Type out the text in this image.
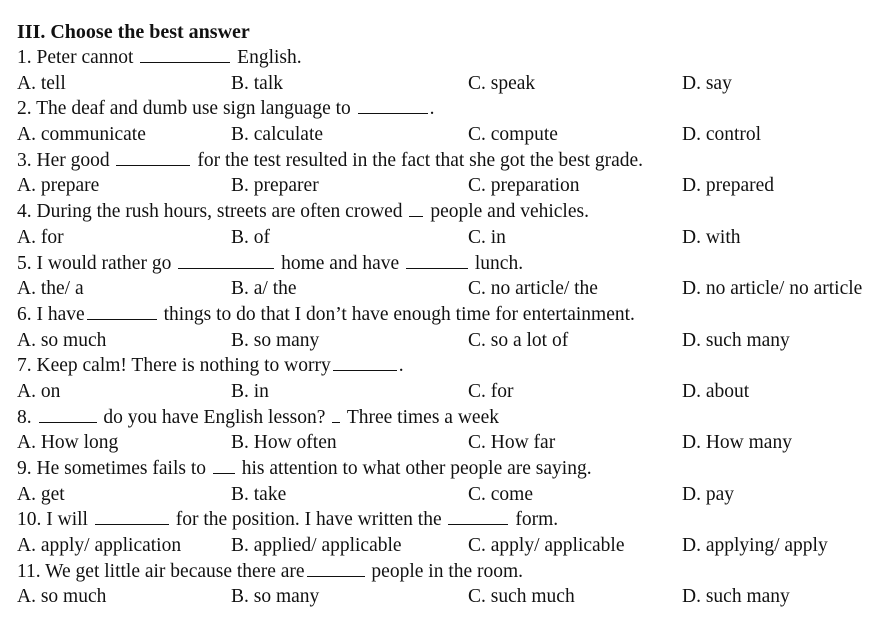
III. Choose the best answer
1. Peter cannot	English.
A. tell	B. talk	C. speak	D. say
2. The deaf and dumb use sign language to	.
A. communicate	B. calculate	C. compute	D. control
3. Her good	for the test resulted in the fact that she got the best grade.
A. prepare	B. preparer	C. preparation	D. prepared
4. During the rush hours, streets are often crowed people and vehicles.
A. for	B. of	C. in	D. with
5. I would rather go	home and have	lunch.
A. the/ a	B. a/ the	C. no article/ the	D. no article/ no article
6. I have	things to do that I don’t have enough time for entertainment.
A. so much	B. so many	C. so a lot of	D. such many
7. Keep calm! There is nothing to worry	.
A. on	B. in	C. for	D. about
8.	do you have English lesson? Three times a week
A. How long	B. How often	C. How far	D. How many
9. He sometimes fails to his attention to what other people are saying.
A. get	B. take	C. come	D. pay
10. I will	for the position. I have written the	form.
A. apply/ application	B. applied/ applicable	C. apply/ applicable	D. applying/ apply
11. We get little air because there are	people in the room.
A. so much	B. so many	C. such much	D. such many
